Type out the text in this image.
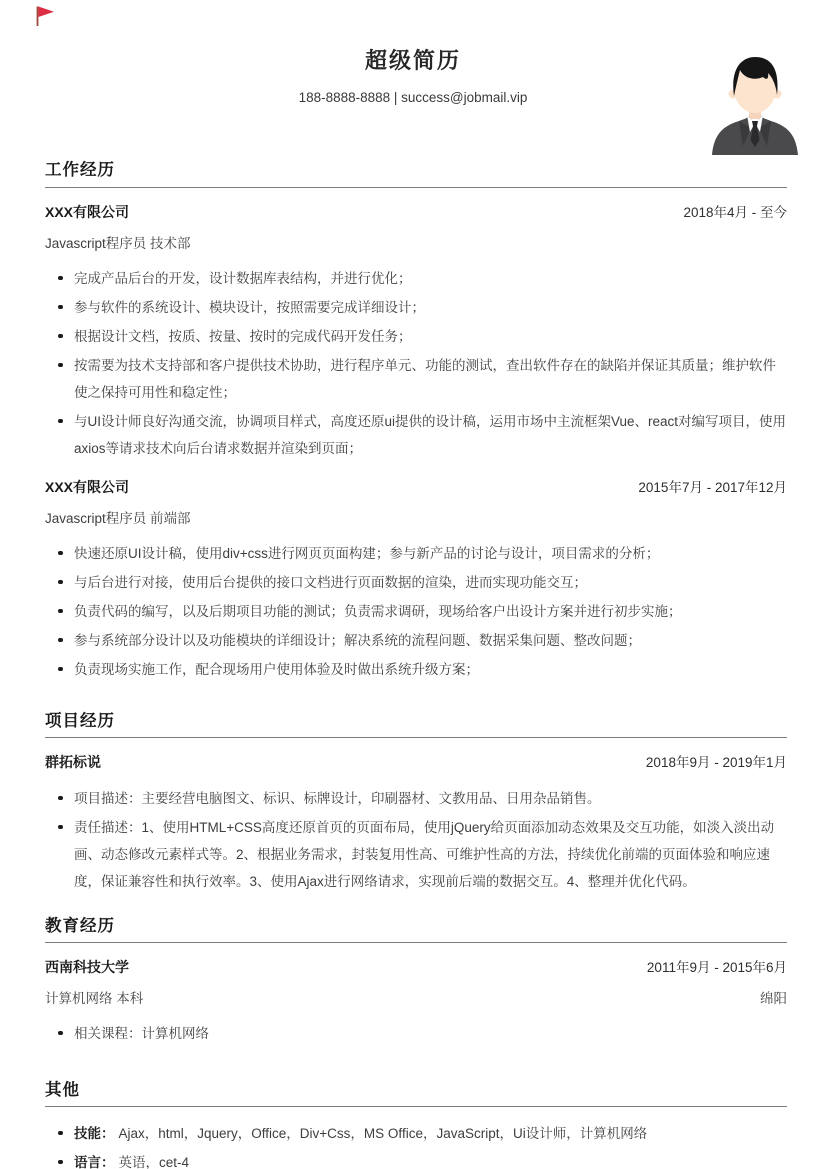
超级简历
188-8888-8888 | success@jobmail.vip
工作经历
XXX有限公司	2018年4月 - 至今
Javascript程序员 技术部
完成产品后台的开发，设计数据库表结构，并进行优化；
参与软件的系统设计、模块设计，按照需要完成详细设计；
根据设计文档，按质、按量、按时的完成代码开发任务；
按需要为技术支持部和客户提供技术协助，进行程序单元、功能的测试，查出软件存在的缺陷并保证其质量；维护软件使之保持可用性和稳定性；
与UI设计师良好沟通交流，协调项目样式，高度还原ui提供的设计稿，运用市场中主流框架Vue、react对编写项目，使用axios等请求技术向后台请求数据并渲染到页面；
XXX有限公司	2015年7月 - 2017年12月
Javascript程序员 前端部
快速还原UI设计稿，使用div+css进行网页页面构建；参与新产品的讨论与设计，项目需求的分析；
与后台进行对接，使用后台提供的接口文档进行页面数据的渲染，进而实现功能交互；
负责代码的编写，以及后期项目功能的测试；负责需求调研，现场给客户出设计方案并进行初步实施；
参与系统部分设计以及功能模块的详细设计；解决系统的流程问题、数据采集问题、整改问题；
负责现场实施工作，配合现场用户使用体验及时做出系统升级方案；
项目经历
群拓标说	2018年9月 - 2019年1月
项目描述：主要经营电脑图文、标识、标牌设计，印刷器材、文教用品、日用杂品销售。
责任描述：1、使用HTML+CSS高度还原首页的页面布局，使用jQuery给页面添加动态效果及交互功能，如淡入淡出动画、动态修改元素样式等。2、根据业务需求，封装复用性高、可维护性高的方法，持续优化前端的页面体验和响应速度，保证兼容性和执行效率。3、使用Ajax进行网络请求，实现前后端的数据交互。4、整理并优化代码。
教育经历
西南科技大学	2011年9月 - 2015年6月
计算机网络 本科	绵阳
相关课程：计算机网络
其他
技能： Ajax，html，Jquery，Office，Div+Css，MS Office，JavaScript，Ui设计师，计算机网络
语言： 英语，cet-4
